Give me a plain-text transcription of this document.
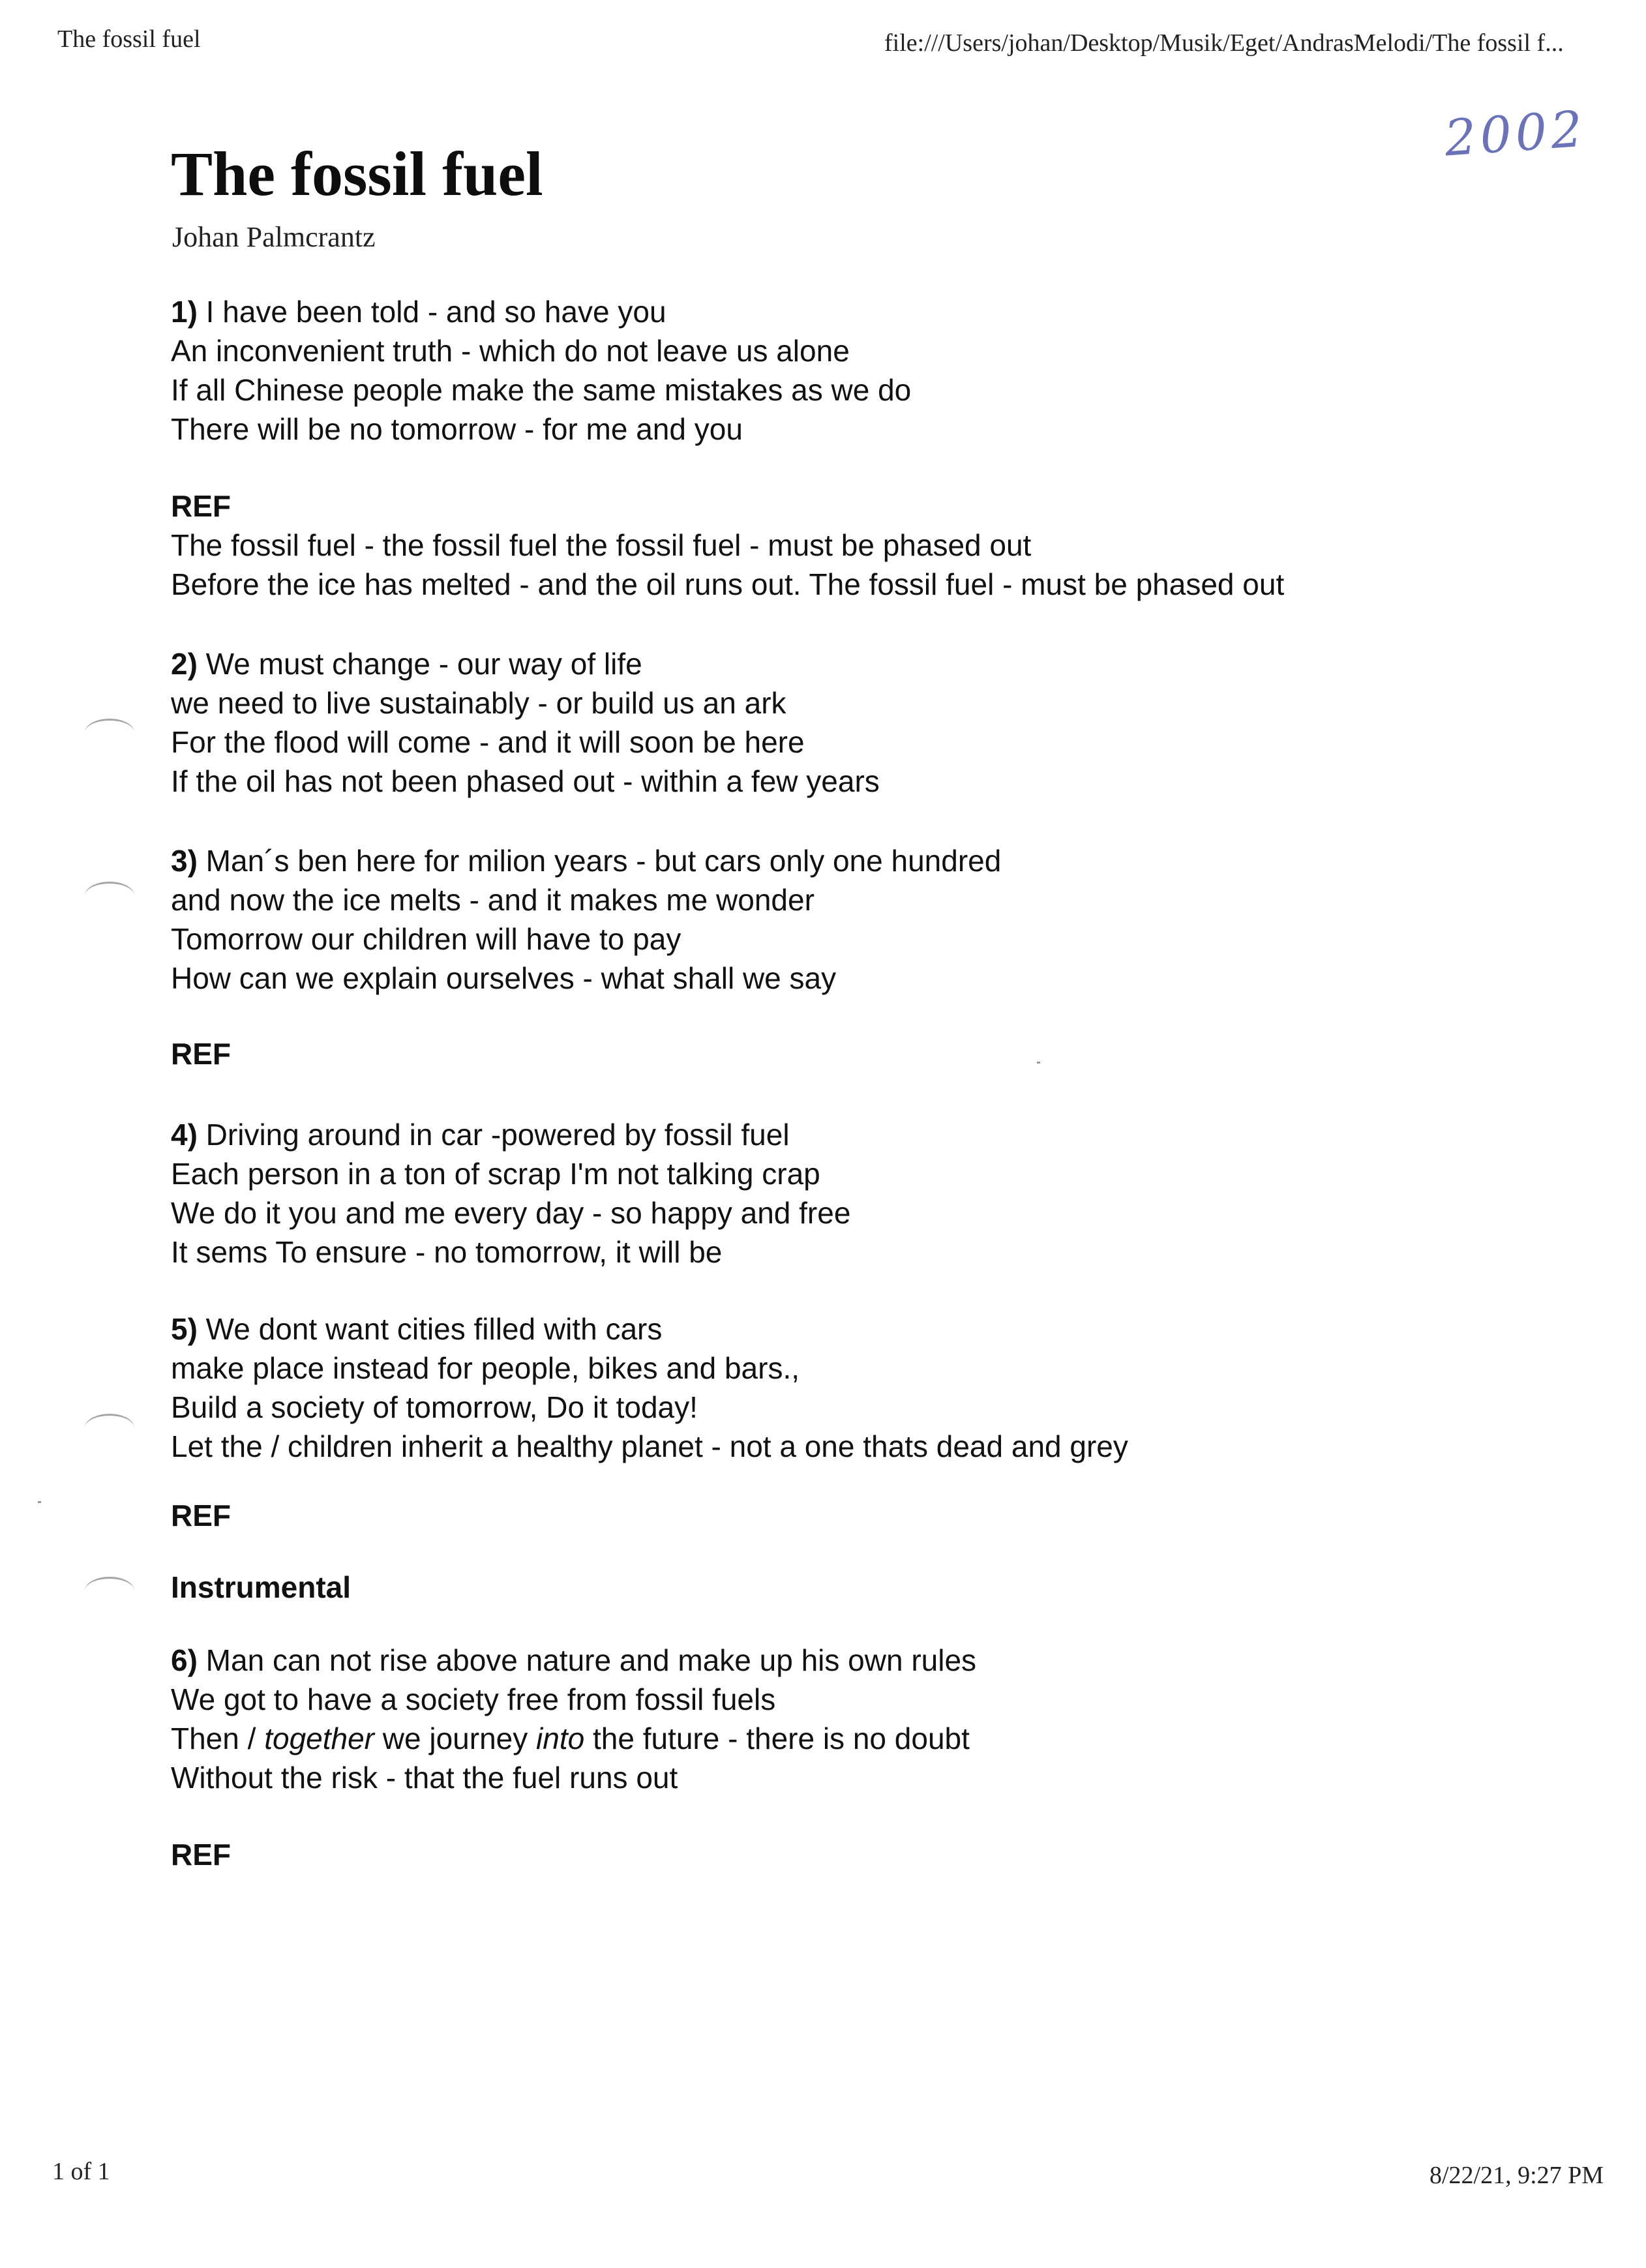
The fossil fuel	file:///Users/johan/Desktop/Musik/Eget/AndrasMelodi/The fossil f...
2002
The fossil fuel
Johan Palmcrantz
1) I have been told - and so have you
An inconvenient truth - which do not leave us alone
If all Chinese people make the same mistakes as we do
There will be no tomorrow - for me and you
REF
The fossil fuel - the fossil fuel the fossil fuel - must be phased out
Before the ice has melted - and the oil runs out. The fossil fuel - must be phased out
2) We must change - our way of life
we need to live sustainably - or build us an ark
For the flood will come - and it will soon be here
If the oil has not been phased out - within a few years
3) Man´s ben here for milion years - but cars only one hundred
and now the ice melts - and it makes me wonder
Tomorrow our children will have to pay
How can we explain ourselves - what shall we say
REF
4) Driving around in car -powered by fossil fuel
Each person in a ton of scrap I'm not talking crap
We do it you and me every day - so happy and free
It sems To ensure - no tomorrow, it will be
5) We dont want cities filled with cars
make place instead for people, bikes and bars.,
Build a society of tomorrow, Do it today!
Let the / children inherit a healthy planet - not a one thats dead and grey
REF
Instrumental
6) Man can not rise above nature and make up his own rules
We got to have a society free from fossil fuels
Then / together we journey into the future - there is no doubt
Without the risk - that the fuel runs out
REF
1 of 1	8/22/21, 9:27 PM
